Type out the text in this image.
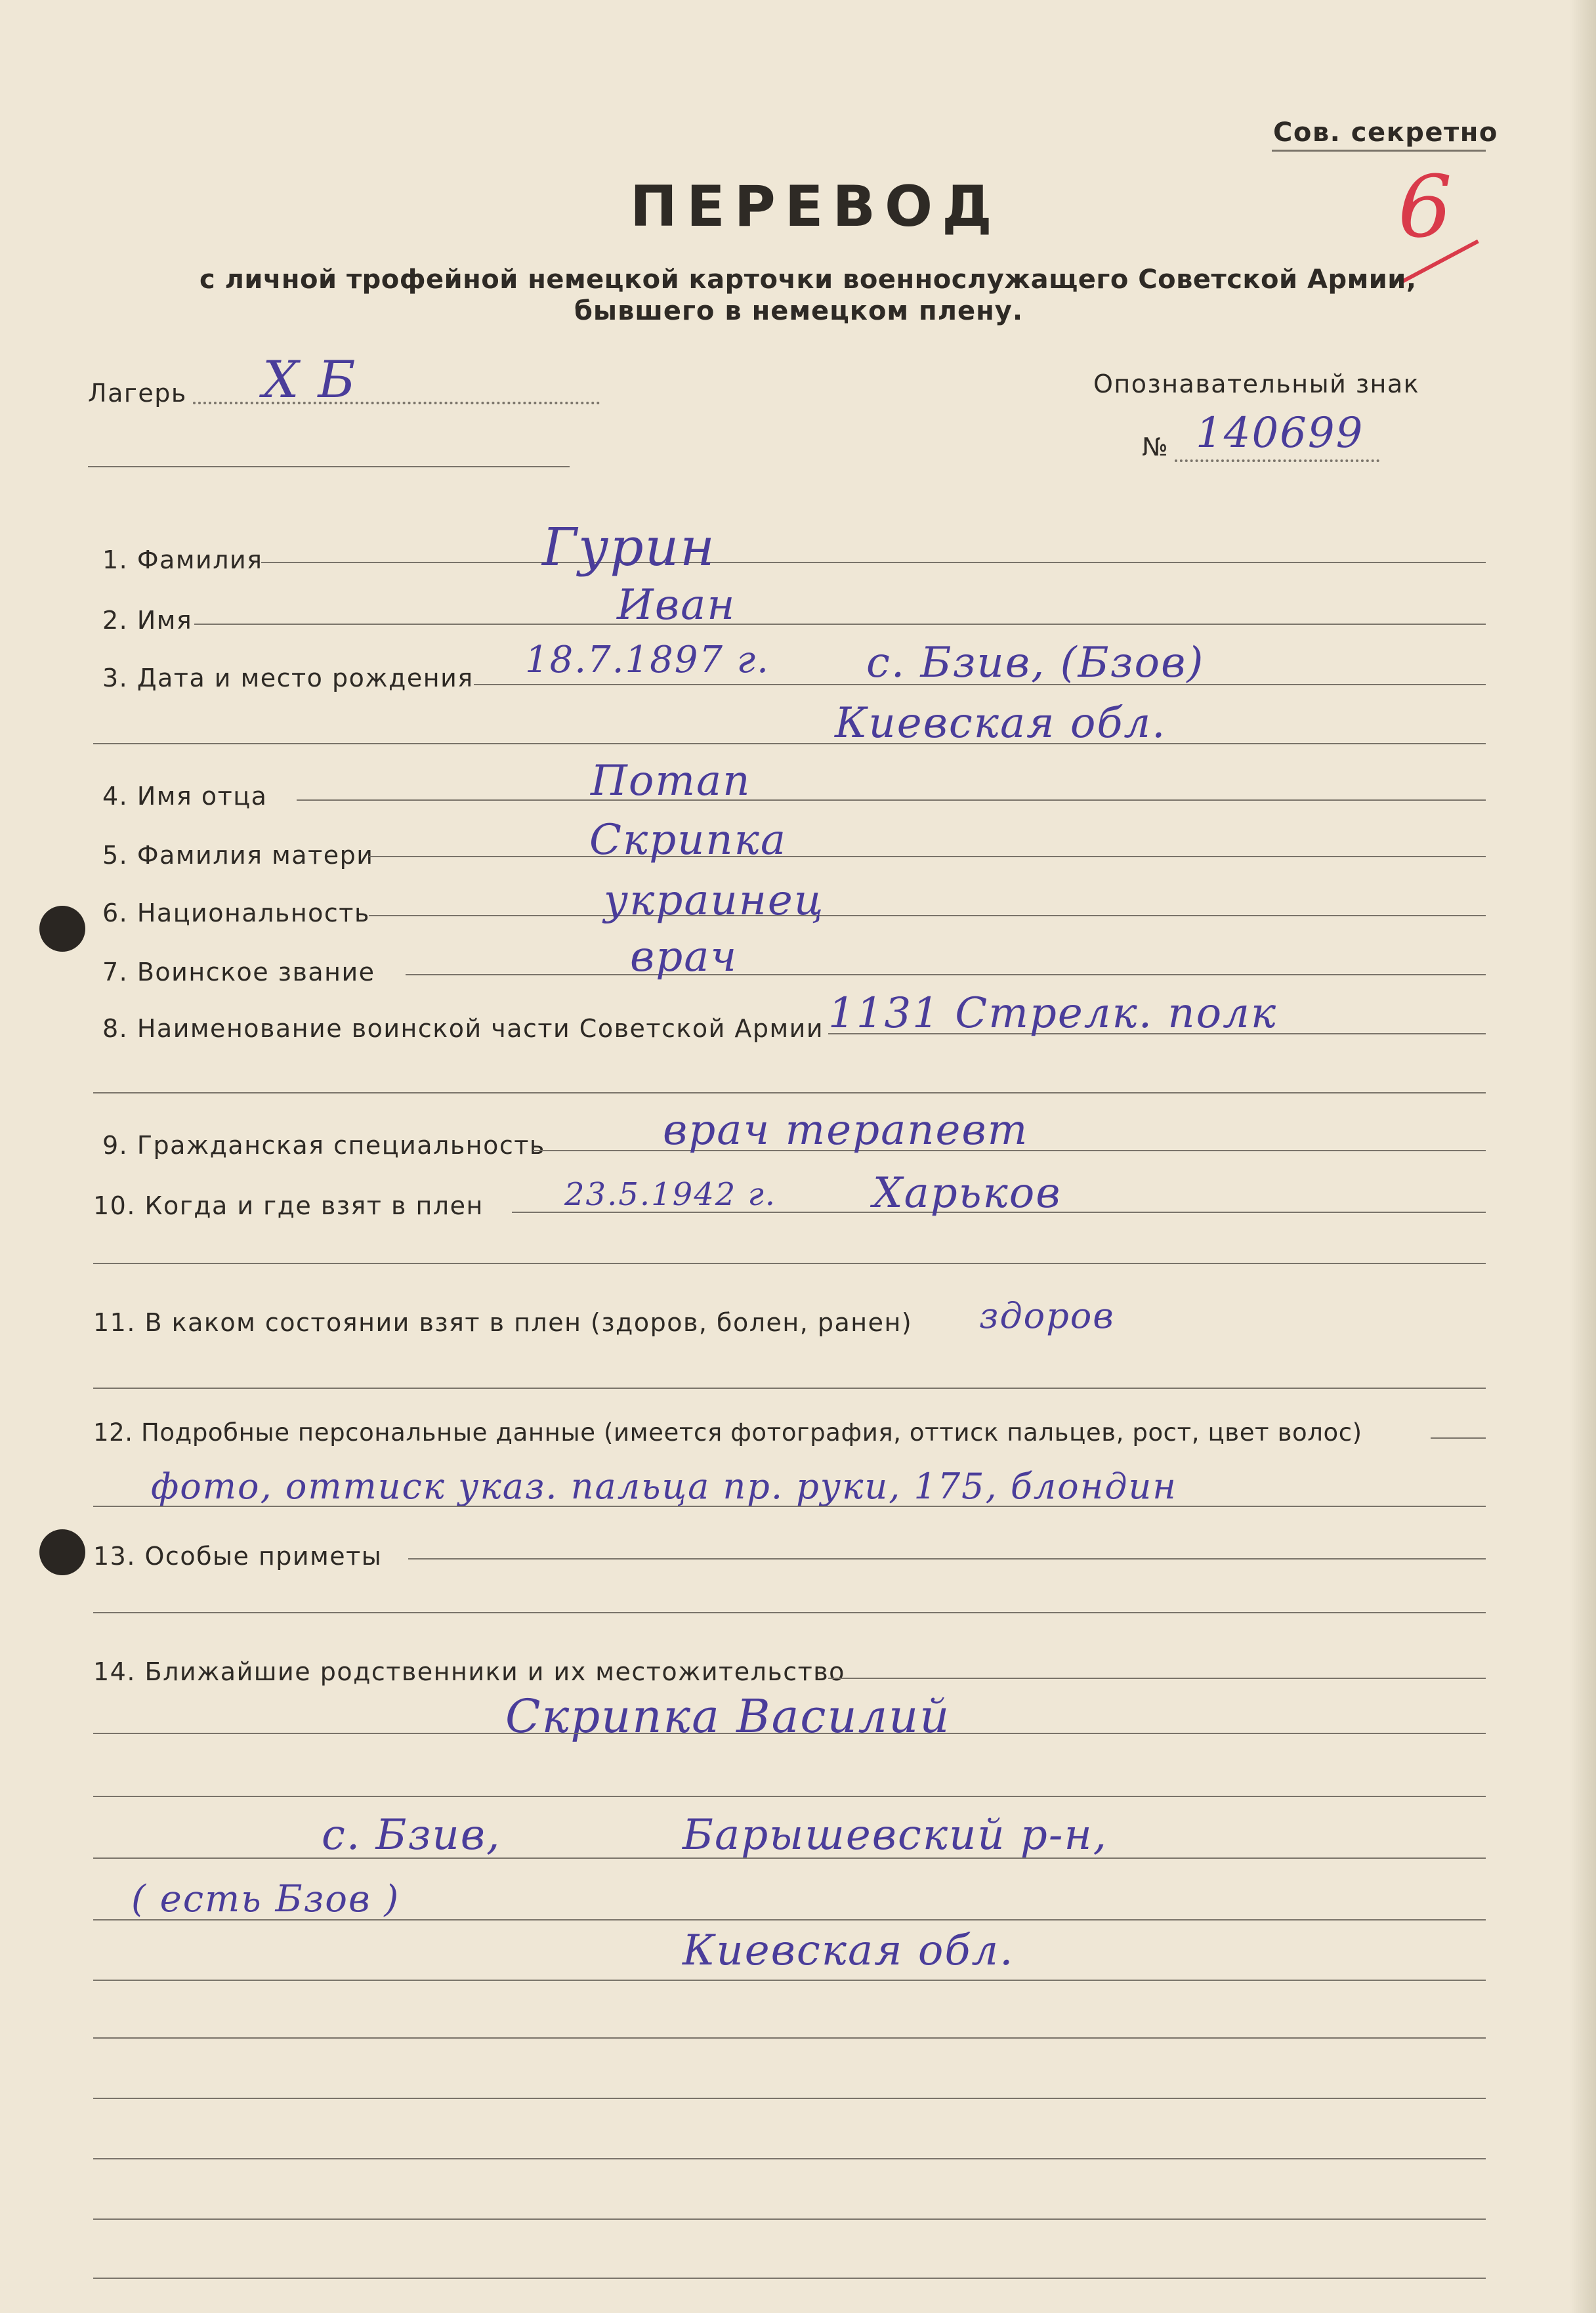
Сов. секретно
6
ПЕРЕВОД
с личной трофейной немецкой карточки военнослужащего Советской Армии,
бывшего в немецком плену.
Лагерь Х Б	Опознавательный знак
№ 140699
1. Фамилия	Гурин
2. Имя	Иван
3. Дата и место рождения 18.7.1897 г. с. Бзив, (Бзов)
Киевская обл.
4. Имя отца	Потап
5. Фамилия матери	Скрипка
6. Национальность	украинец
7. Воинское звание	врач
8. Наименование воинской части Советской Армии 1131 Стрелк. полк
9. Гражданская специальность	врач терапевт
10. Когда и где взят в плен	23.5.1942 г. Харьков
11. В каком состоянии взят в плен (здоров, болен, ранен) здоров
12. Подробные персональные данные (имеется фотография, оттиск пальцев, рост, цвет волос)
фото, оттиск указ. пальца пр. руки, 175, блондин
13. Особые приметы
14. Ближайшие родственники и их местожительство
Скрипка Василий
с. Бзив,	Барышевский р-н,
( есть Бзов )
Киевская обл.
